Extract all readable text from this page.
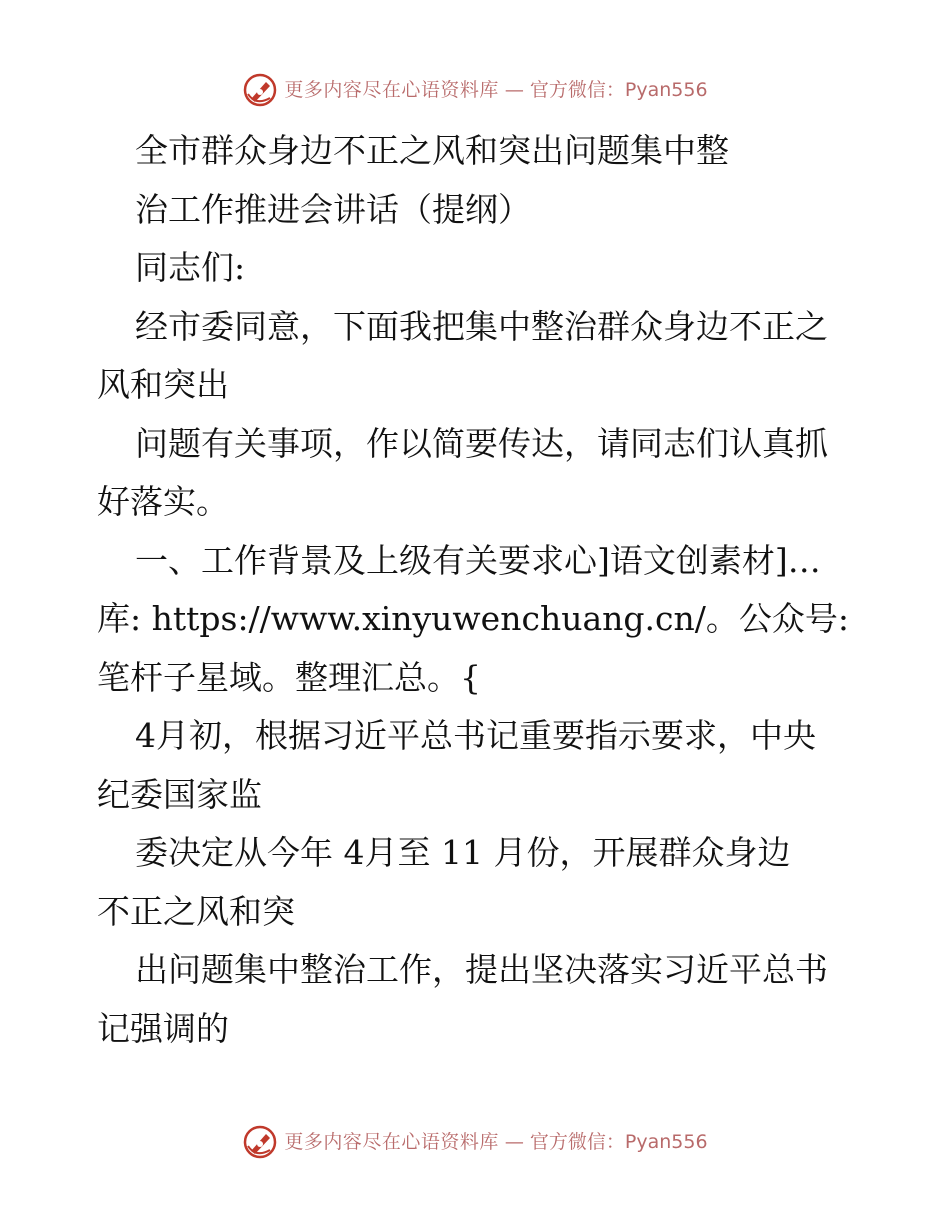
更多内容尽在心语资料库 — 官方微信：Pyan556
全市群众身边不正之风和突出问题集中整
治工作推进会讲话（提纲）
同志们:
经市委同意，下面我把集中整治群众身边不正之
风和突出
问题有关事项，作以简要传达，请同志们认真抓
好落实。
一、工作背景及上级有关要求心]语文创素材]…
库: https://www.xinyuwenchuang.cn/。公众号:
笔杆子星域。整理汇总。{
4月初，根据习近平总书记重要指示要求，中央
纪委国家监
委决定从今年 4月至 11 月份，开展群众身边
不正之风和突
出问题集中整治工作，提出坚决落实习近平总书
记强调的
更多内容尽在心语资料库 — 官方微信：Pyan556
